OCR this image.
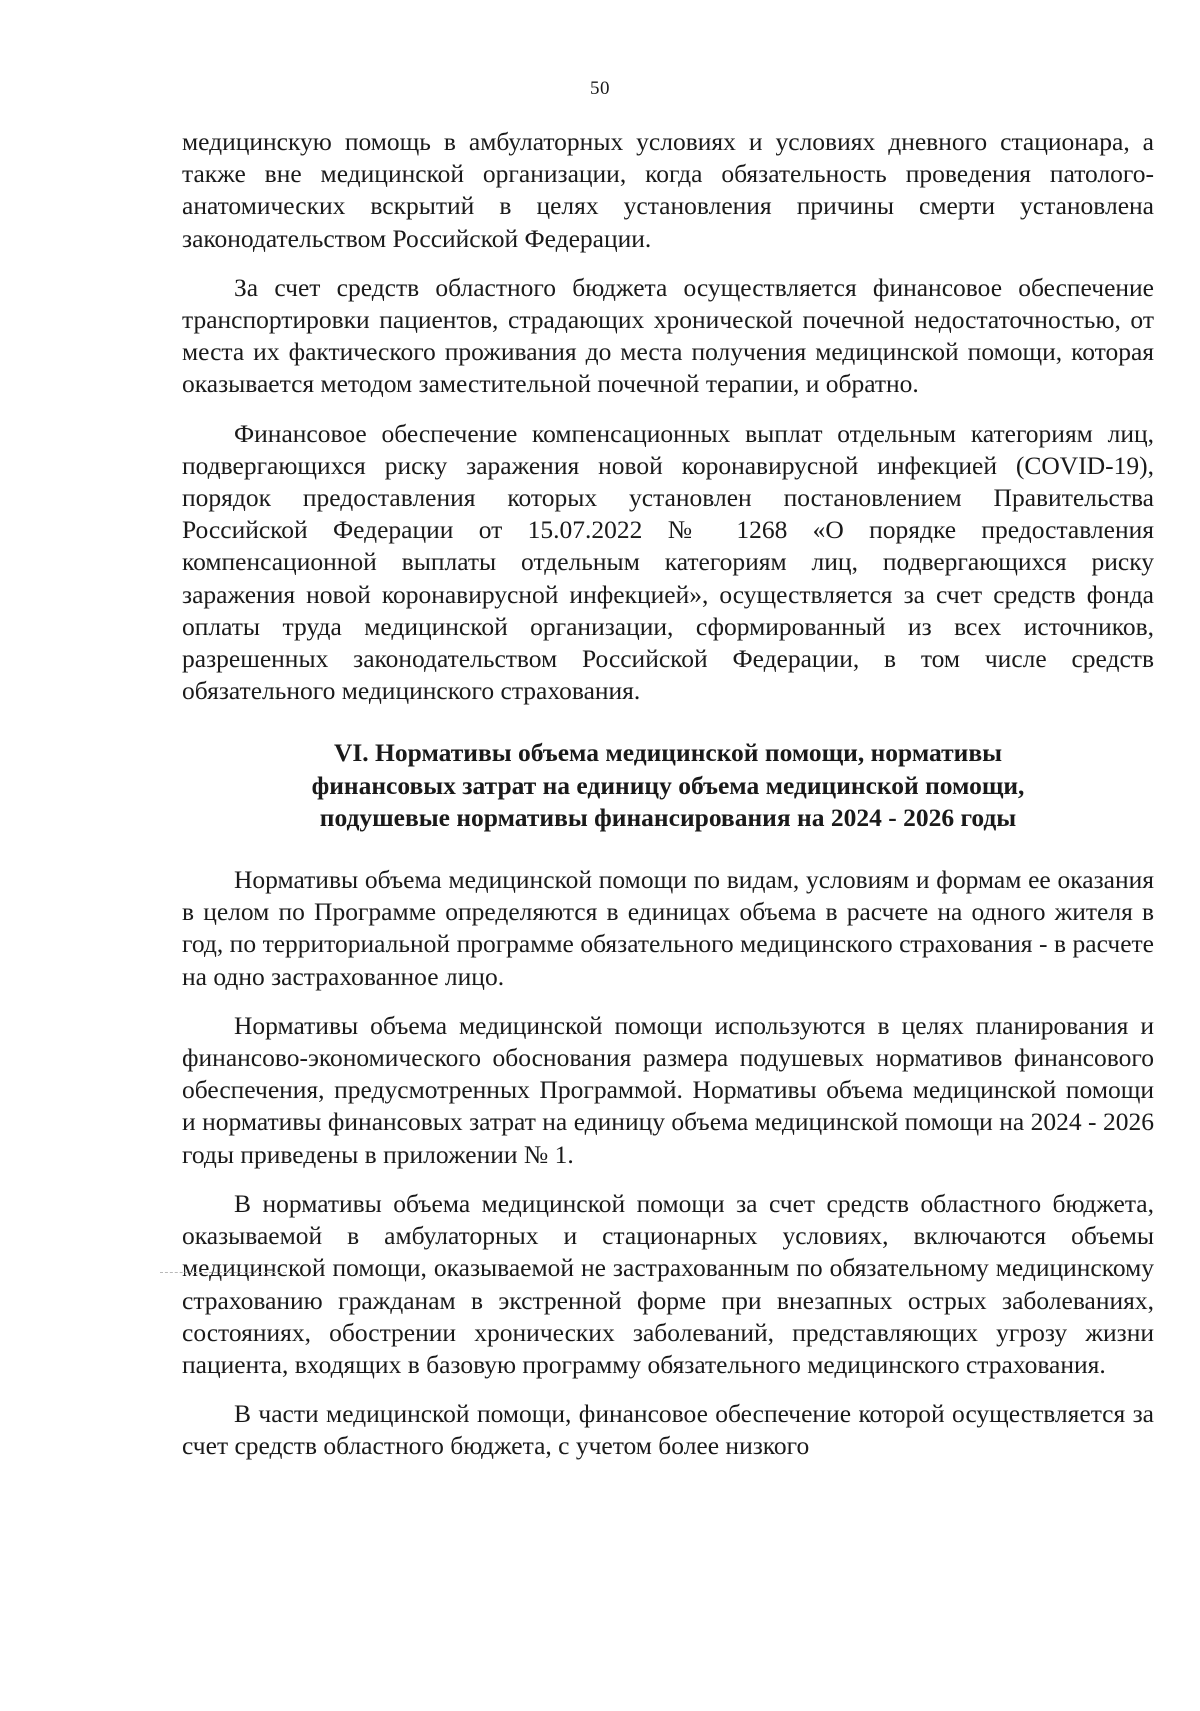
50

медицинскую помощь в амбулаторных условиях и условиях дневного стационара, а также вне медицинской организации, когда обязательность проведения патолого-анатомических вскрытий в целях установления причины смерти установлена законодательством Российской Федерации.

За счет средств областного бюджета осуществляется финансовое обеспечение транспортировки пациентов, страдающих хронической почечной недостаточностью, от места их фактического проживания до места получения медицинской помощи, которая оказывается методом заместительной почечной терапии, и обратно.

Финансовое обеспечение компенсационных выплат отдельным категориям лиц, подвергающихся риску заражения новой коронавирусной инфекцией (COVID-19), порядок предоставления которых установлен постановлением Правительства Российской Федерации от 15.07.2022 № 1268 «О порядке предоставления компенсационной выплаты отдельным категориям лиц, подвергающихся риску заражения новой коронавирусной инфекцией», осуществляется за счет средств фонда оплаты труда медицинской организации, сформированный из всех источников, разрешенных законодательством Российской Федерации, в том числе средств обязательного медицинского страхования.

VI. Нормативы объема медицинской помощи, нормативы
финансовых затрат на единицу объема медицинской помощи,
подушевые нормативы финансирования на 2024 - 2026 годы

Нормативы объема медицинской помощи по видам, условиям и формам ее оказания в целом по Программе определяются в единицах объема в расчете на одного жителя в год, по территориальной программе обязательного медицинского страхования - в расчете на одно застрахованное лицо.

Нормативы объема медицинской помощи используются в целях планирования и финансово-экономического обоснования размера подушевых нормативов финансового обеспечения, предусмотренных Программой. Нормативы объема медицинской помощи и нормативы финансовых затрат на единицу объема медицинской помощи на 2024 - 2026 годы приведены в приложении № 1.

В нормативы объема медицинской помощи за счет средств областного бюджета, оказываемой в амбулаторных и стационарных условиях, включаются объемы медицинской помощи, оказываемой не застрахованным по обязательному медицинскому страхованию гражданам в экстренной форме при внезапных острых заболеваниях, состояниях, обострении хронических заболеваний, представляющих угрозу жизни пациента, входящих в базовую программу обязательного медицинского страхования.

В части медицинской помощи, финансовое обеспечение которой осуществляется за счет средств областного бюджета, с учетом более низкого
